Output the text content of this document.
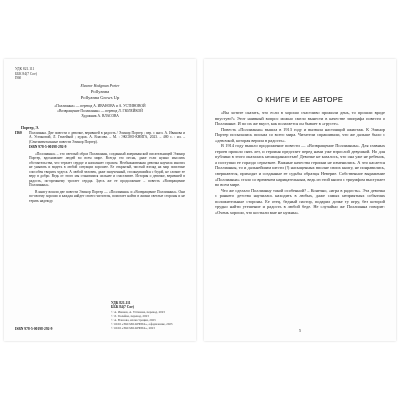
УДК 821.111
ББК 84(7 Сое)
П60
Eleanor Hodgman Porter
Pollyanna
Pollyanna Grows Up
«Поллианна» — перевод А. ИВАНОВА и А. УСТИНОВОЙ
«Возвращение Поллианны» — перевод Л. ГЮЛЕЙКОЙ
Художник А. ВЛАСОВА
Портер, Э.
П60	Поллианна. Две повести о девочке, верившей в радость / Элинор Портер ; пер. с англ. А. Иванова и А. Устиновой, Л. Гюлейкой ; худож. А. Власова. – М. : ЭКСМО-КНИГА, 2023. – 480 с. : ил. – (Сентиментальные повести Элинор Портер).
ISBN 978-5-00198-292-9
«Поллианна» – это светлый образ Поллианны, созданный американской писательницей Элинор Портер, вдохновляет людей во всем мире. Всегда это песнь, даже если нужно мыслить обстоятельства, что терзает сердце и наполняет страхом. Необыкновенная девочка научила многих не унывать и видеть в любой ситуации хорошее. Ее открытый, чистый взгляд на мир поистине способен творить чудеса. А любой человек, даже замученный, столкнувшийся с бедой, не сломит ее веру в добро. Ведь от этого мы становимся сильнее и счастливее. История о девочке, верившей в радость, по-прежнему трогает сердца. Здесь же ее продолжение – повесть «Возвращение Поллианны».
В книгу вошли две повести Элинор Портер — «Поллианна» и «Возвращение Поллианны». Они по-своему хороши и каждая найдет своего читателя, помогает найти в жизни светлые стороны и не терять надежду.
ISBN 978-5-00198-292-9
УДК 821.111
ББК 84(7 Сое)
© А. Иванов, А. Устинова, перевод, 2023
© Л. Гюлейка, перевод, 2023
© А. Власова, иллюстрации, 2023
© ООО «ЭКСМО-КНИГА», оформление, 2023
© ООО «ЭКСМО-КНИГА», 2023
О КНИГЕ И ЕЕ АВТОРЕ

«Вы хотите сказать, что если в хорошо счастливо прожили день, то прошли вроде впустую?» Этот наивный вопрос можно смело вынести в качестве эпиграфа повести о Поллианне. И по их же вкуст, как полагается он бывает в «грусте».

Повесть «Поллианна» вышла в 1913 году и вызвала настоящий ажиотаж. К Элинор Портер посыпались письма со всего мира. Читатели спрашивали, что же дальше было с «девочкой, которая верила в радость».

В 1914 году вышло продолжение повести — «Возвращение Поллианны». Для главных героев прошло пять лет, и героиня предстает перед нами уже взрослой девушкой. Но для публики в этого оказалась неожиданностью! Девочке не казалось, что она уже не ребенок, а поступки ее гораздо серьезнее. Важные качества героини не изменились. А что касается Поллианны, то и дальнейшим шести (!) насыщенных вполне своих книгу, не понравились, свершаются, приходят и созданные ее судьбы образцы Неверие. Собственное выражение «Поллианна» стало со временем нарицательным, ведь из этой книги с триумфом выступает во всем мире.

Что же сделало Поллианну такой особенной? – Конечно, «игра в радость». Эта девочка с раннего детства научилась находить в любых, даже самых неприятных событиях положительные стороны. Ее отец, бедный пастор, подарил дочке ту игру, без которой трудно найти утешение и радость в любой беде. Не случайно же Поллианна говорит: «Очень хорошо, что костыли мне не нужны».

5
